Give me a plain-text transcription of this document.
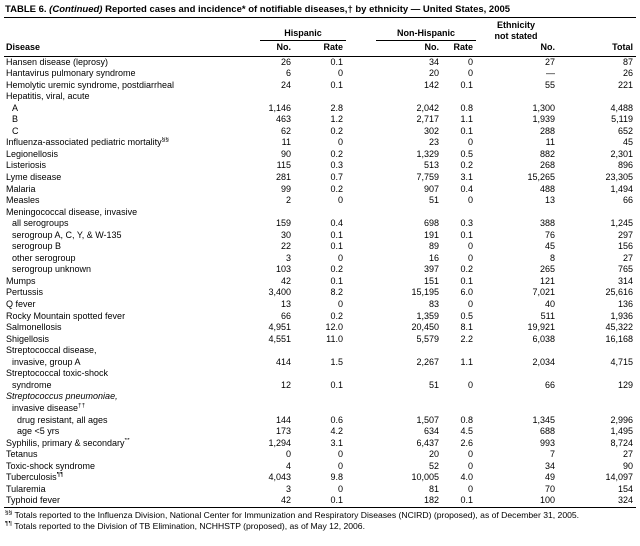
TABLE 6. (Continued) Reported cases and incidence* of notifiable diseases,† by ethnicity — United States, 2005
Hispanic	Non-Hispanic
Ethnicity
not stated
Disease	No.	Rate	No.	Rate	No.	Total
Hansen disease (leprosy)	26	0.1	34	0	27	87
Hantavirus pulmonary syndrome	6	0	20	0	—	26
Hemolytic uremic syndrome, postdiarrheal	24	0.1	142	0.1	55	221
Hepatitis, viral, acute
A	1,146	2.8	2,042	0.8	1,300	4,488
B	463	1.2	2,717	1.1	1,939	5,119
C	62	0.2	302	0.1	288	652
Influenza-associated pediatric mortality§§	11	0	23	0	11	45
Legionellosis	90	0.2	1,329	0.5	882	2,301
Listeriosis	115	0.3	513	0.2	268	896
Lyme disease	281	0.7	7,759	3.1	15,265	23,305
Malaria	99	0.2	907	0.4	488	1,494
Measles	2	0	51	0	13	66
Meningococcal disease, invasive
all serogroups	159	0.4	698	0.3	388	1,245
serogroup A, C, Y, & W-135	30	0.1	191	0.1	76	297
serogroup B	22	0.1	89	0	45	156
other serogroup	3	0	16	0	8	27
serogroup unknown	103	0.2	397	0.2	265	765
Mumps	42	0.1	151	0.1	121	314
Pertussis	3,400	8.2	15,195	6.0	7,021	25,616
Q fever	13	0	83	0	40	136
Rocky Mountain spotted fever	66	0.2	1,359	0.5	511	1,936
Salmonellosis	4,951	12.0	20,450	8.1	19,921	45,322
Shigellosis	4,551	11.0	5,579	2.2	6,038	16,168
Streptococcal disease,
invasive, group A	414	1.5	2,267	1.1	2,034	4,715
Streptococcal toxic-shock
syndrome	12	0.1	51	0	66	129
Streptococcus pneumoniae,
invasive disease††
drug resistant, all ages	144	0.6	1,507	0.8	1,345	2,996
age <5 yrs	173	4.2	634	4.5	688	1,495
Syphilis, primary & secondary**	1,294	3.1	6,437	2.6	993	8,724
Tetanus	0	0	20	0	7	27
Toxic-shock syndrome	4	0	52	0	34	90
Tuberculosis¶¶	4,043	9.8	10,005	4.0	49	14,097
Tularemia	3	0	81	0	70	154
Typhoid fever	42	0.1	182	0.1	100	324
§§ Totals reported to the Influenza Division, National Center for Immunization and Respiratory Diseases (NCIRD) (proposed), as of December 31, 2005.
¶¶ Totals reported to the Division of TB Elimination, NCHHSTP (proposed), as of May 12, 2006.
